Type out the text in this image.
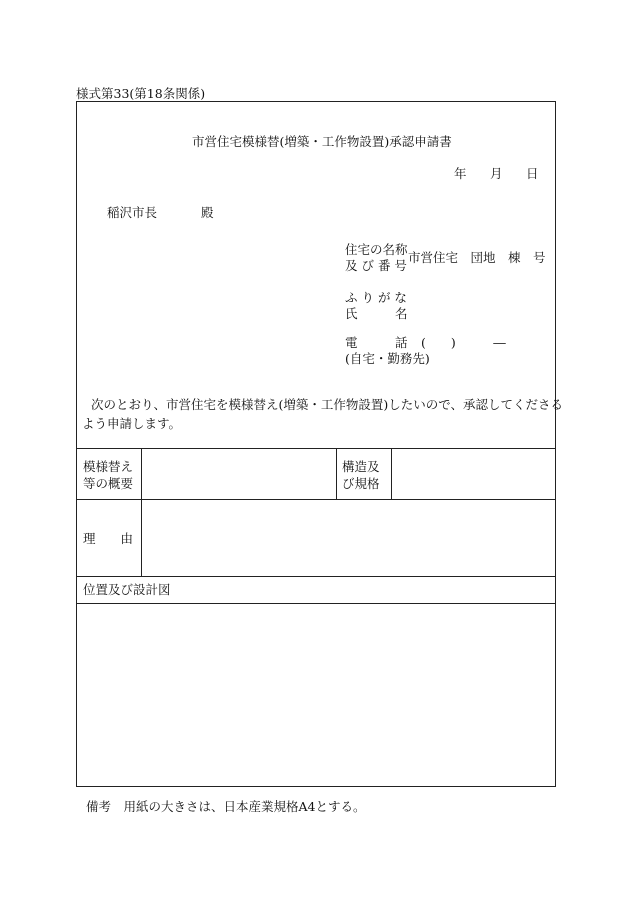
様式第33(第18条関係)
市営住宅模様替(増築・工作物設置)承認申請書
年 月 日
稲沢市長	殿
住宅の名称
及 び 番 号
市営住宅　団地　棟　号
ふ り が な
氏　　　名
電　　　話 (　　)　　　―
(自宅・勤務先)
次のとおり、市営住宅を模様替え(増築・工作物設置)したいので、承認してくださる
よう申請します。
模様替え
等の概要
構造及
び規格
理　　由
位置及び設計図
備考　用紙の大きさは、日本産業規格A4とする。
